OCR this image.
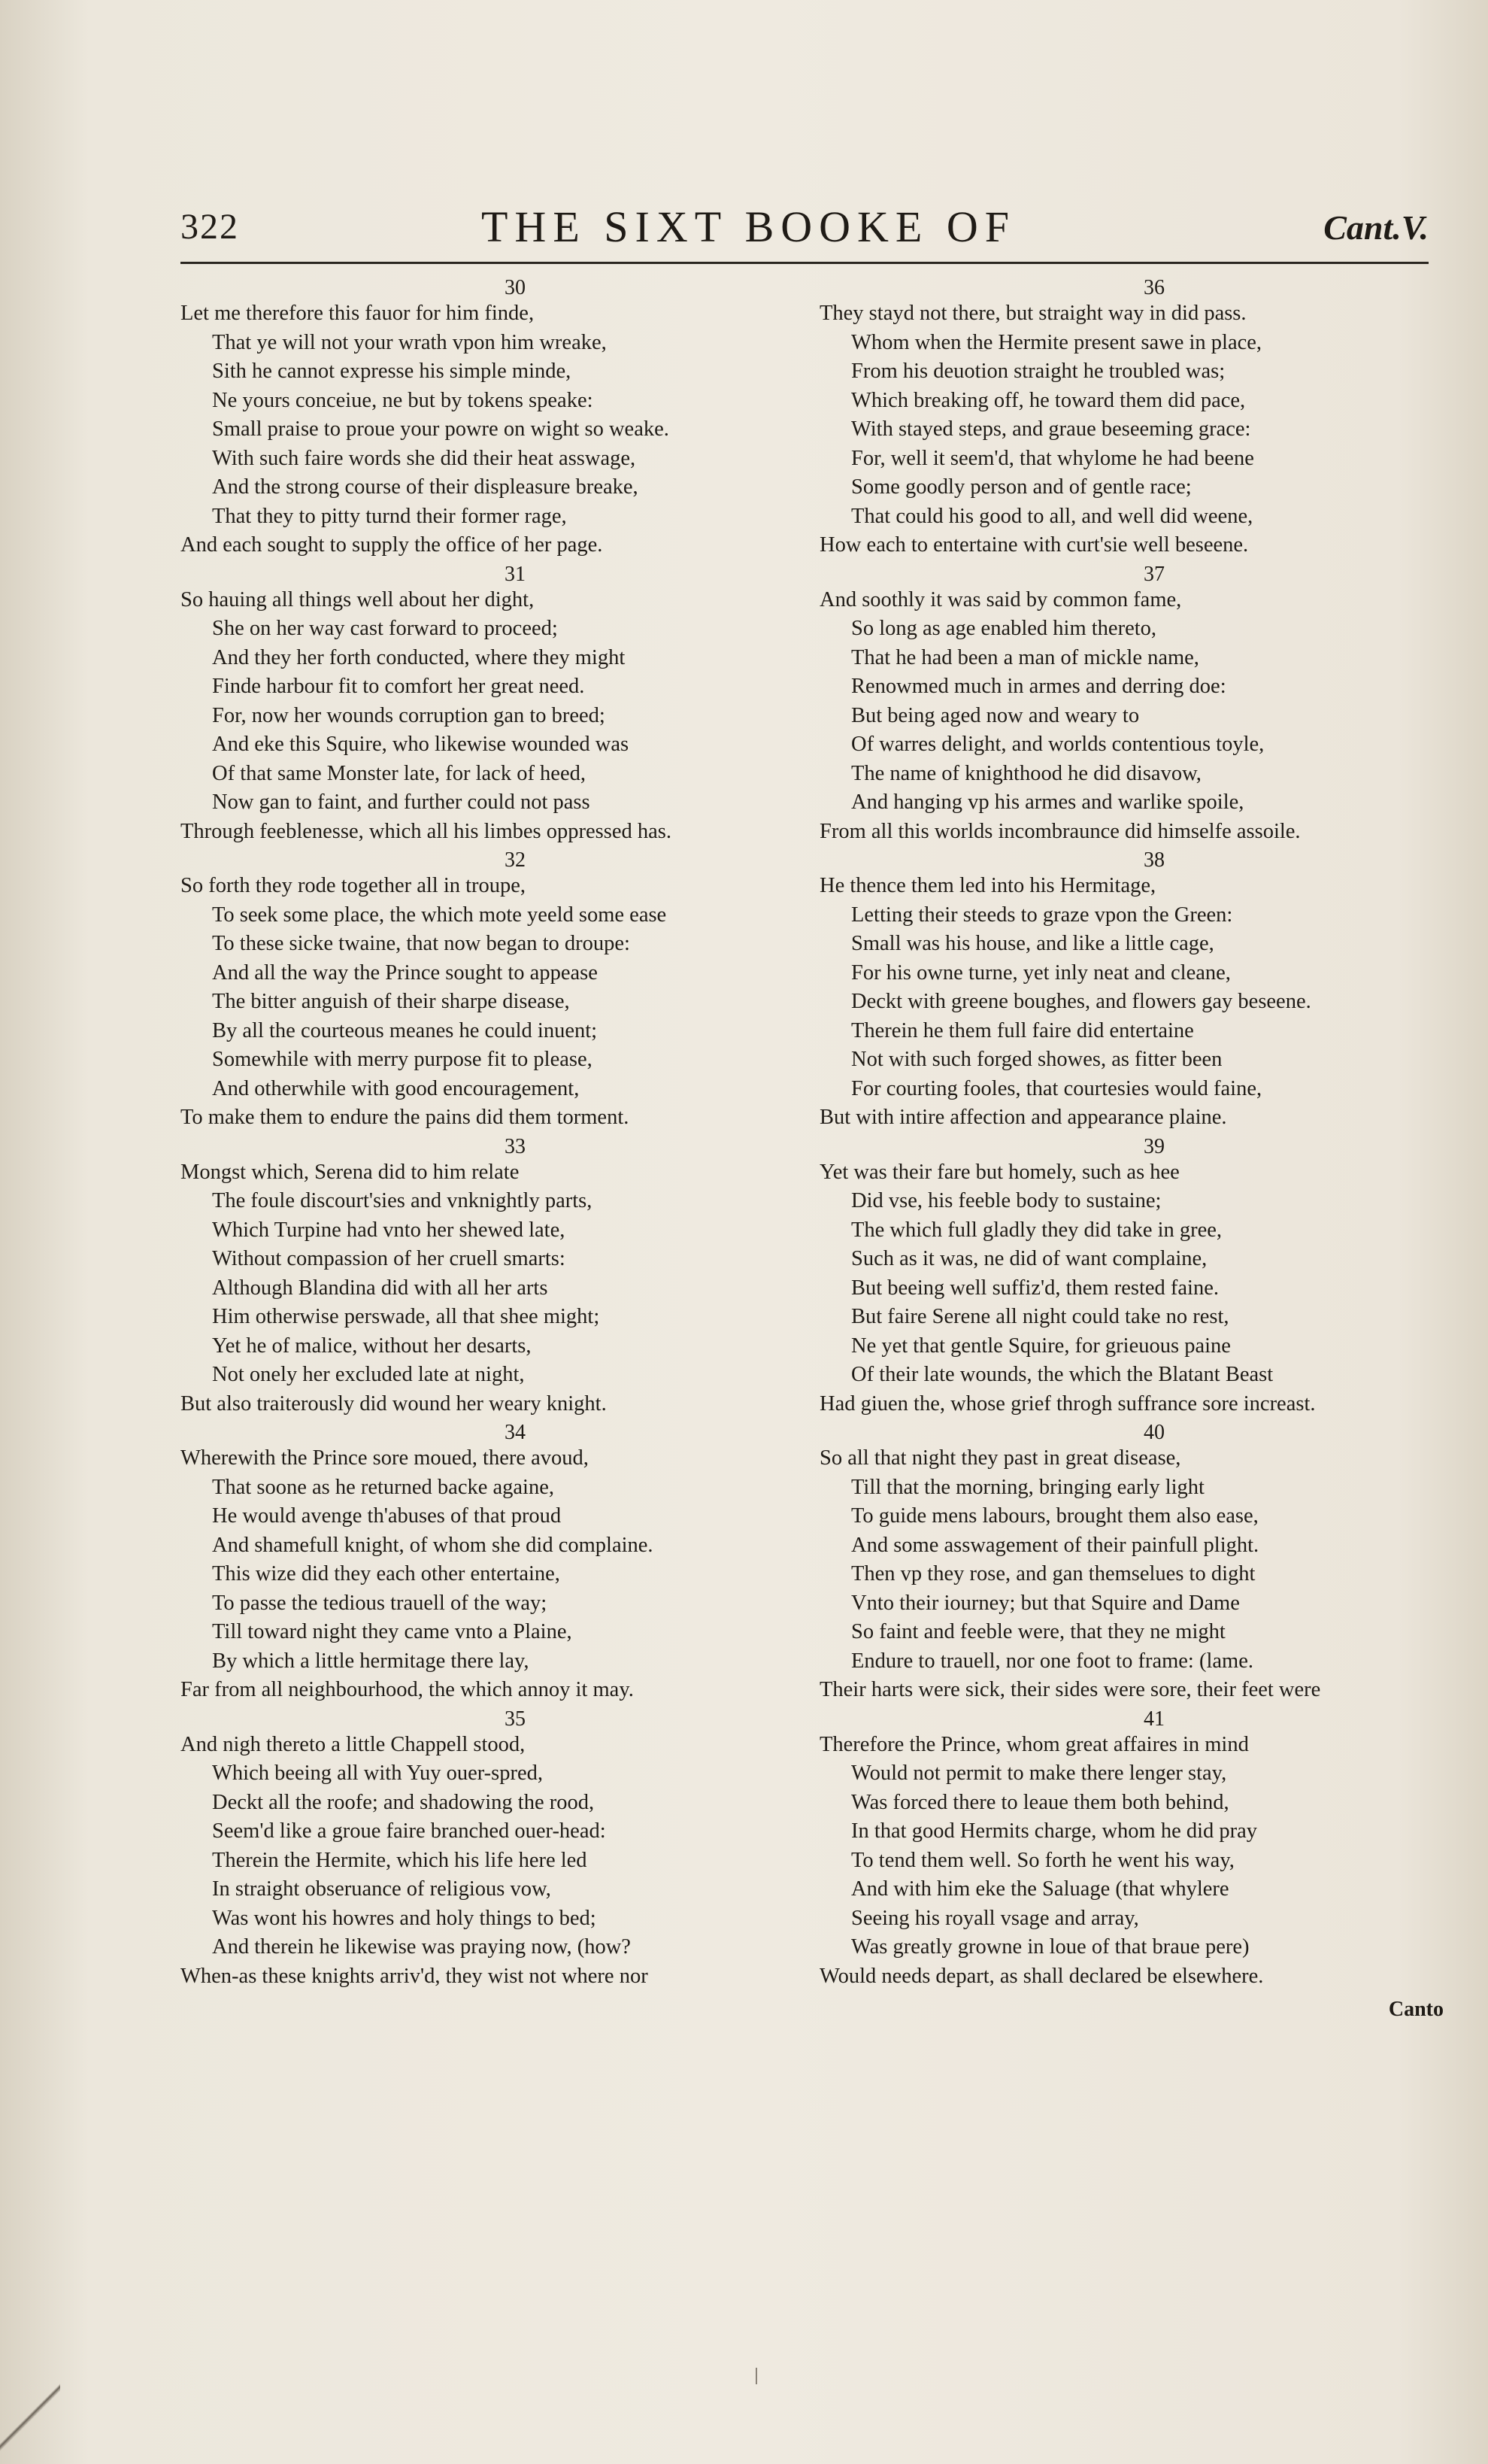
322	THE SIXT BOOKE OF	Cant.V.
30
Let me therefore this fauor for him finde,
That ye will not your wrath vpon him wreake,
Sith he cannot expresse his simple minde,
Ne yours conceiue, ne but by tokens speake:
Small praise to proue your powre on wight so weake.
With such faire words she did their heat asswage,
And the strong course of their displeasure breake,
That they to pitty turnd their former rage,
And each sought to supply the office of her page.
31
So hauing all things well about her dight,
She on her way cast forward to proceed;
And they her forth conducted, where they might
Finde harbour fit to comfort her great need.
For, now her wounds corruption gan to breed;
And eke this Squire, who likewise wounded was
Of that same Monster late, for lack of heed,
Now gan to faint, and further could not pass
Through feeblenesse, which all his limbes oppressed has.
32
So forth they rode together all in troupe,
To seek some place, the which mote yeeld some ease
To these sicke twaine, that now began to droupe:
And all the way the Prince sought to appease
The bitter anguish of their sharpe disease,
By all the courteous meanes he could inuent;
Somewhile with merry purpose fit to please,
And otherwhile with good encouragement,
To make them to endure the pains did them torment.
33
Mongst which, Serena did to him relate
The foule discourt'sies and vnknightly parts,
Which Turpine had vnto her shewed late,
Without compassion of her cruell smarts:
Although Blandina did with all her arts
Him otherwise perswade, all that shee might;
Yet he of malice, without her desarts,
Not onely her excluded late at night,
But also traiterously did wound her weary knight.
34
Wherewith the Prince sore moued, there avoud,
That soone as he returned backe againe,
He would avenge th'abuses of that proud
And shamefull knight, of whom she did complaine.
This wize did they each other entertaine,
To passe the tedious trauell of the way;
Till toward night they came vnto a Plaine,
By which a little hermitage there lay,
Far from all neighbourhood, the which annoy it may.
35
And nigh thereto a little Chappell stood,
Which beeing all with Yuy ouer-spred,
Deckt all the roofe; and shadowing the rood,
Seem'd like a groue faire branched ouer-head:
Therein the Hermite, which his life here led
In straight obseruance of religious vow,
Was wont his howres and holy things to bed;
And therein he likewise was praying now, (how?
When-as these knights arriv'd, they wist not where nor
36
They stayd not there, but straight way in did pass.
Whom when the Hermite present sawe in place,
From his deuotion straight he troubled was;
Which breaking off, he toward them did pace,
With stayed steps, and graue beseeming grace:
For, well it seem'd, that whylome he had beene
Some goodly person and of gentle race;
That could his good to all, and well did weene,
How each to entertaine with curt'sie well beseene.
37
And soothly it was said by common fame,
So long as age enabled him thereto,
That he had been a man of mickle name,
Renowmed much in armes and derring doe:
But being aged now and weary to
Of warres delight, and worlds contentious toyle,
The name of knighthood he did disavow,
And hanging vp his armes and warlike spoile,
From all this worlds incombraunce did himselfe assoile.
38
He thence them led into his Hermitage,
Letting their steeds to graze vpon the Green:
Small was his house, and like a little cage,
For his owne turne, yet inly neat and cleane,
Deckt with greene boughes, and flowers gay beseene.
Therein he them full faire did entertaine
Not with such forged showes, as fitter been
For courting fooles, that courtesies would faine,
But with intire affection and appearance plaine.
39
Yet was their fare but homely, such as hee
Did vse, his feeble body to sustaine;
The which full gladly they did take in gree,
Such as it was, ne did of want complaine,
But beeing well suffiz'd, them rested faine.
But faire Serene all night could take no rest,
Ne yet that gentle Squire, for grieuous paine
Of their late wounds, the which the Blatant Beast
Had giuen the, whose grief throgh suffrance sore increast.
40
So all that night they past in great disease,
Till that the morning, bringing early light
To guide mens labours, brought them also ease,
And some asswagement of their painfull plight.
Then vp they rose, and gan themselues to dight
Vnto their iourney; but that Squire and Dame
So faint and feeble were, that they ne might
Endure to trauell, nor one foot to frame: (lame.
Their harts were sick, their sides were sore, their feet were
41
Therefore the Prince, whom great affaires in mind
Would not permit to make there lenger stay,
Was forced there to leaue them both behind,
In that good Hermits charge, whom he did pray
To tend them well. So forth he went his way,
And with him eke the Saluage (that whylere
Seeing his royall vsage and array,
Was greatly growne in loue of that braue pere)
Would needs depart, as shall declared be elsewhere.
Canto
